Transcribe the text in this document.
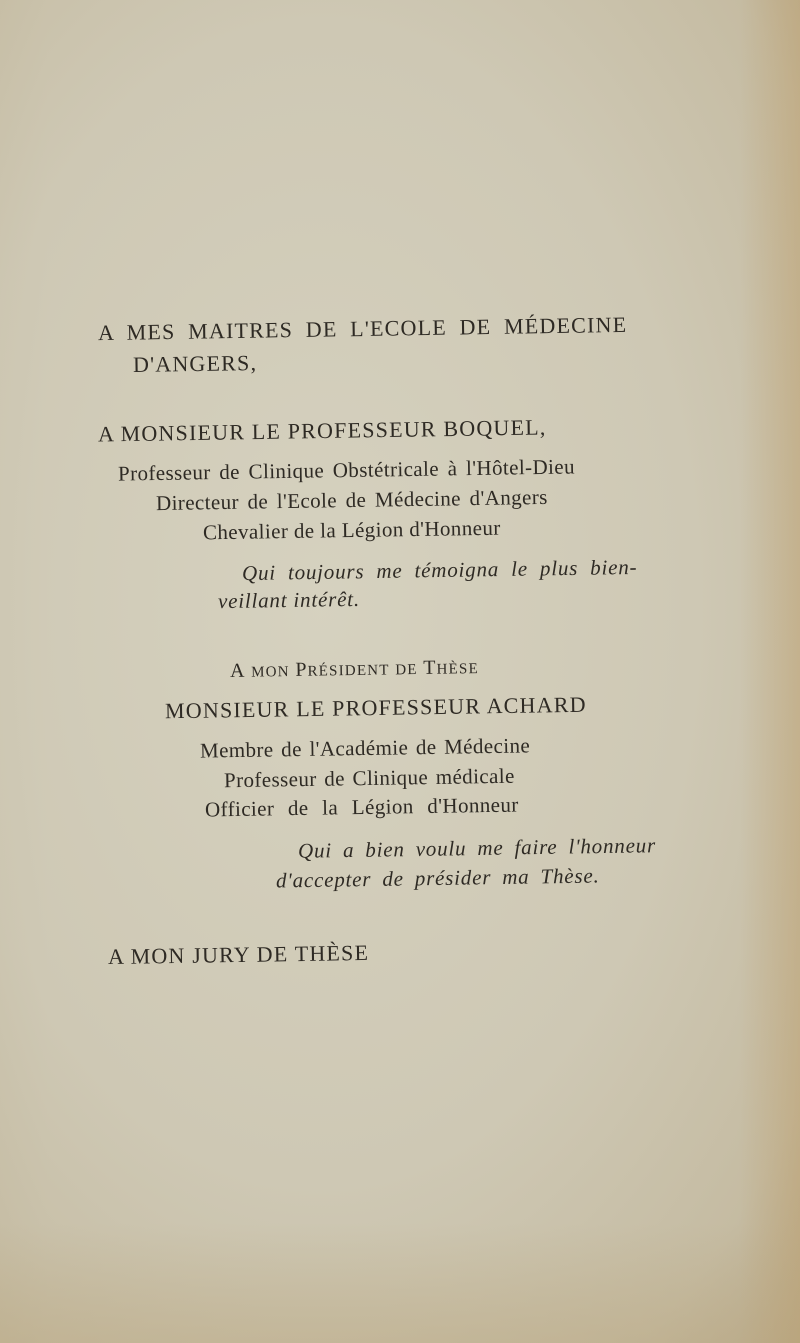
A MES MAITRES DE L'ECOLE DE MÉDECINE
D'ANGERS,
A MONSIEUR LE PROFESSEUR BOQUEL,
Professeur de Clinique Obstétricale à l'Hôtel-Dieu
Directeur de l'Ecole de Médecine d'Angers
Chevalier de la Légion d'Honneur
Qui toujours me témoigna le plus bien-
veillant intérêt.
A MON PRÉSIDENT DE THÈSE
MONSIEUR LE PROFESSEUR ACHARD
Membre de l'Académie de Médecine
Professeur de Clinique médicale
Officier de la Légion d'Honneur
Qui a bien voulu me faire l'honneur
d'accepter de présider ma Thèse.
A MON JURY DE THÈSE
